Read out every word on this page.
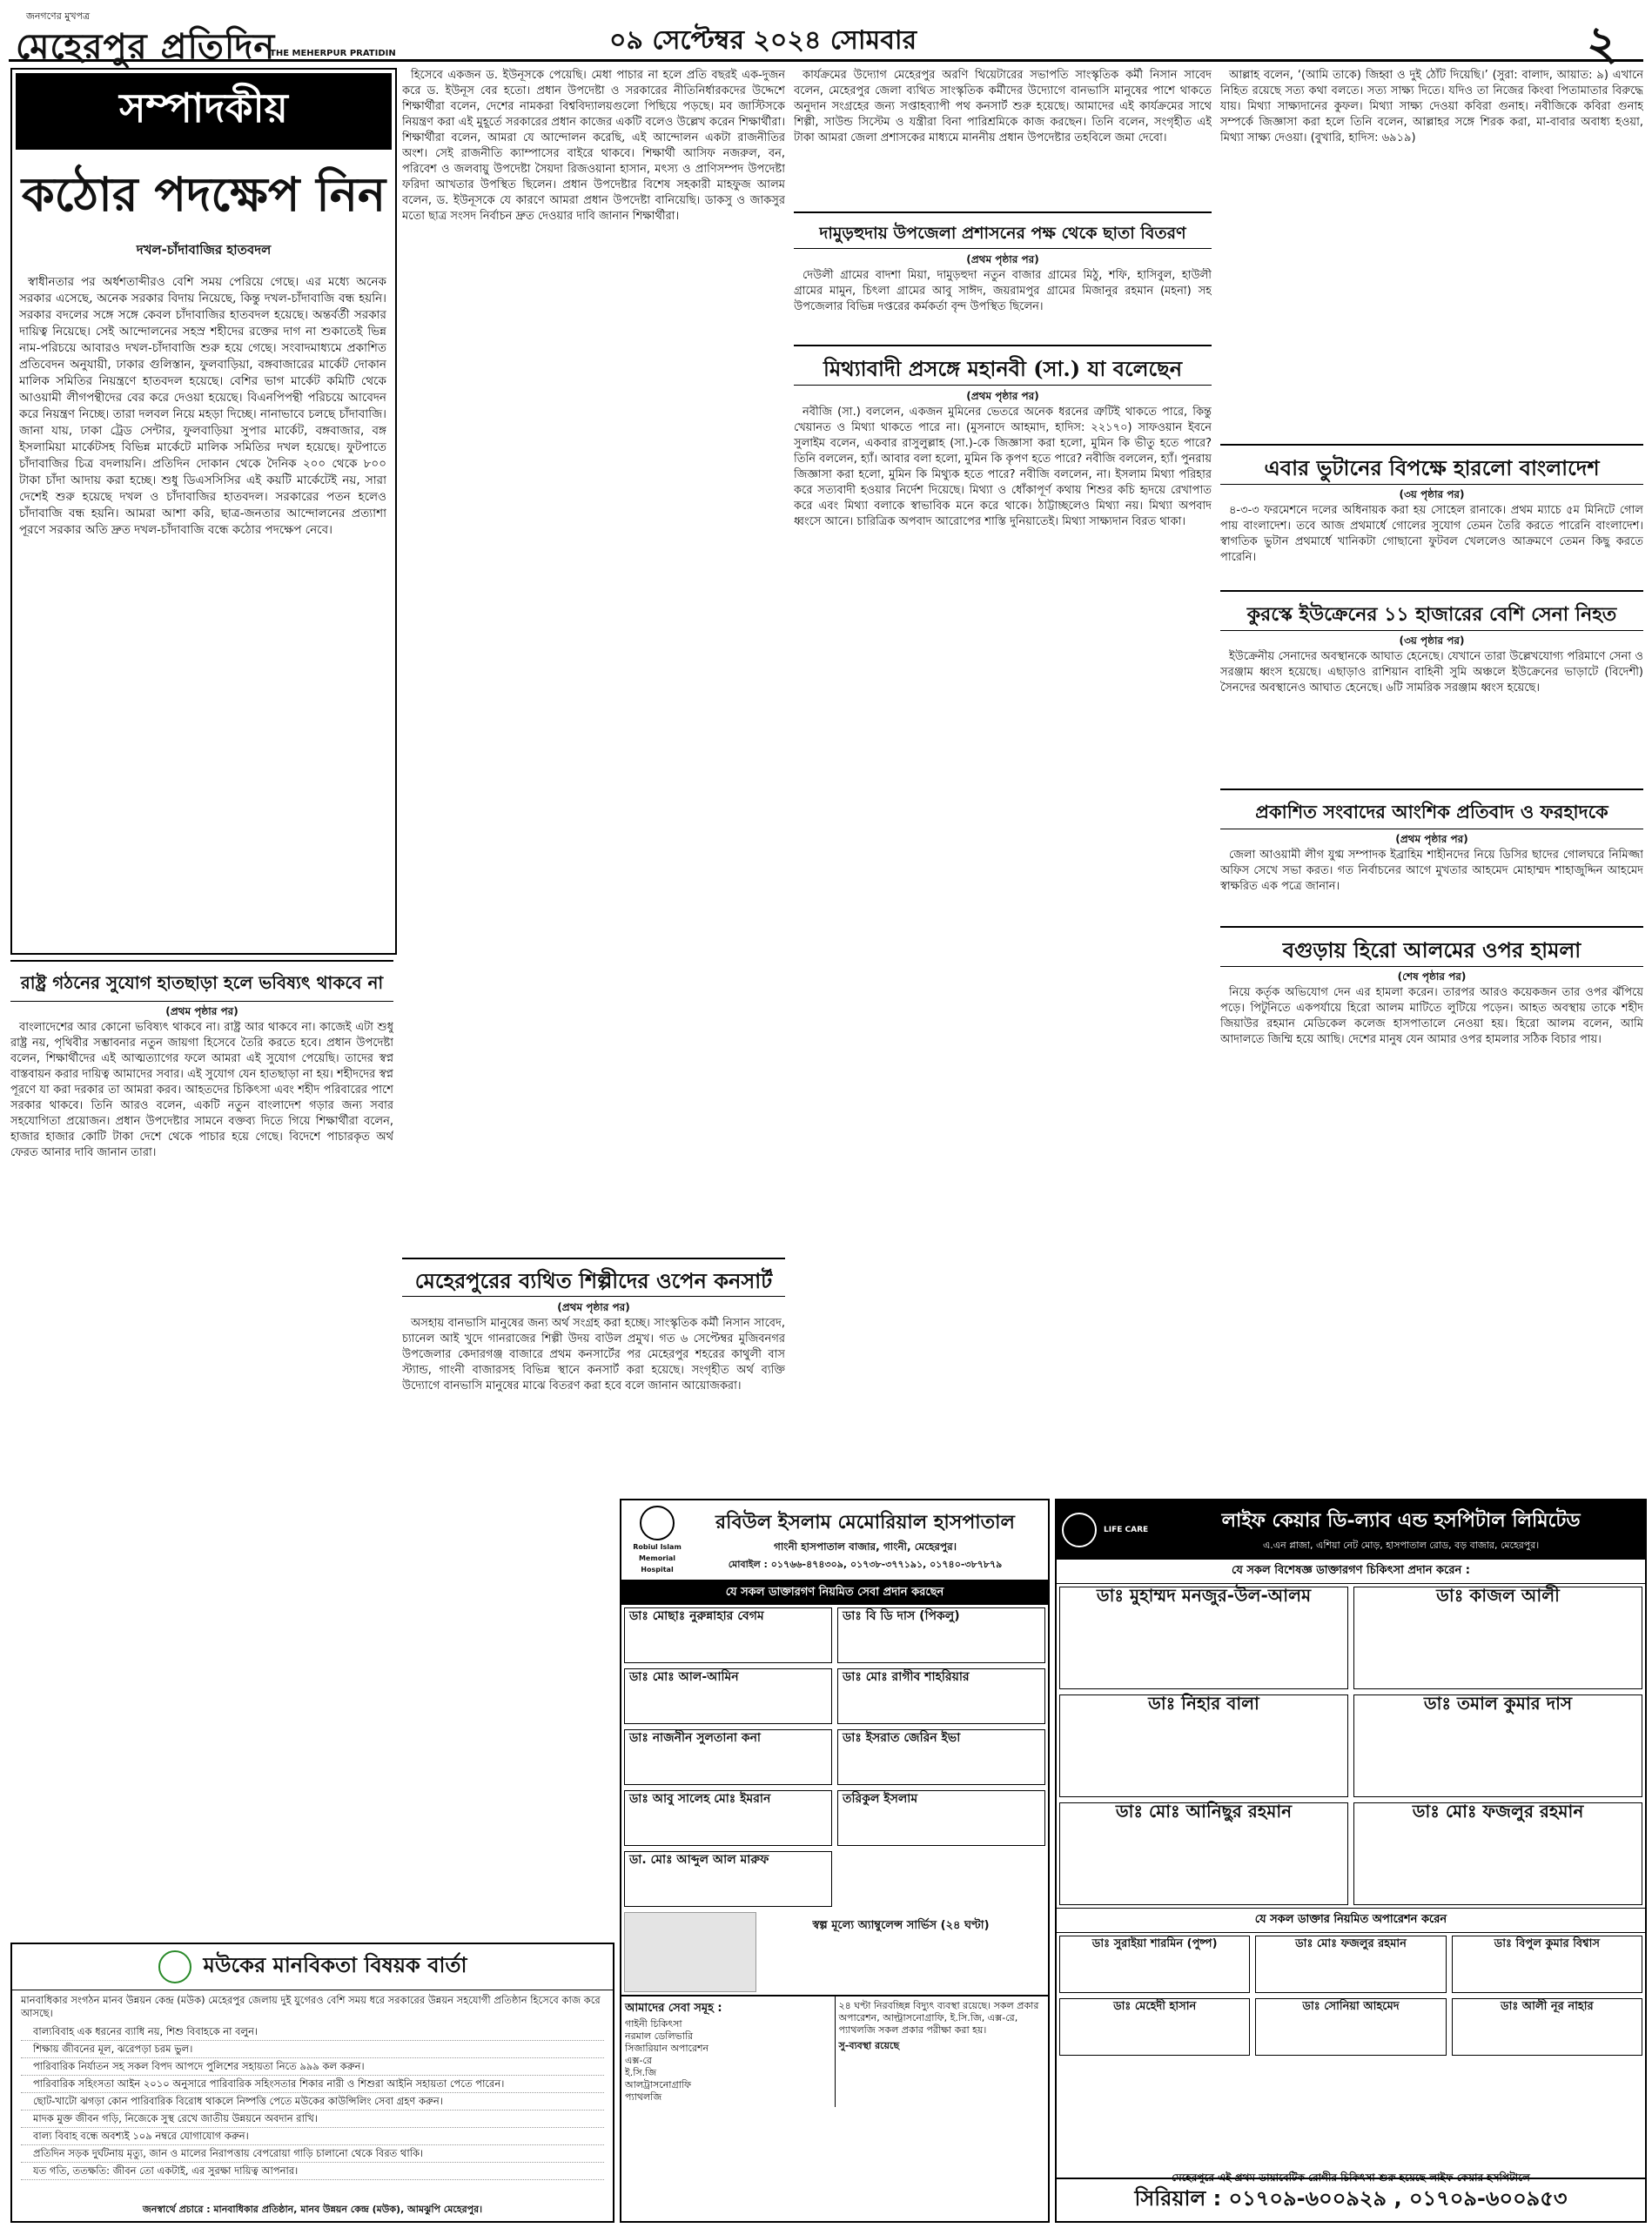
জনগণের মুখপত্র
মেহেরপুর প্রতিদিন
THE MEHERPUR PRATIDIN	০৯ সেপ্টেম্বর ২০২৪ সোমবার	২
সম্পাদকীয়
কঠোর পদক্ষেপ নিন
দখল-চাঁদাবাজির হাতবদল

স্বাধীনতার পর অর্ধশতাব্দীরও বেশি সময় পেরিয়ে গেছে। এর মধ্যে অনেক সরকার এসেছে, অনেক সরকার বিদায় নিয়েছে, কিন্তু দখল-চাঁদাবাজি বন্ধ হয়নি। সরকার বদলের সঙ্গে সঙ্গে কেবল চাঁদাবাজির হাতবদল হয়েছে। অন্তর্বর্তী সরকার দায়িত্ব নিয়েছে। সেই আন্দোলনের সহস্র শহীদের রক্তের দাগ না শুকাতেই ভিন্ন নাম-পরিচয়ে আবারও দখল-চাঁদাবাজি শুরু হয়ে গেছে। সংবাদমাধ্যমে প্রকাশিত প্রতিবেদন অনুযায়ী, ঢাকার গুলিস্তান, ফুলবাড়িয়া, বঙ্গবাজারের মার্কেট দোকান মালিক সমিতির নিয়ন্ত্রণে হাতবদল হয়েছে। বেশির ভাগ মার্কেট কমিটি থেকে আওয়ামী লীগপন্থীদের বের করে দেওয়া হয়েছে। বিএনপিপন্থী পরিচয়ে আবেদন করে নিয়ন্ত্রণ নিচ্ছে। তারা দলবল নিয়ে মহড়া দিচ্ছে। নানাভাবে চলছে চাঁদাবাজি। জানা যায়, ঢাকা ট্রেড সেন্টার, ফুলবাড়িয়া সুপার মার্কেট, বঙ্গবাজার, বঙ্গ ইসলামিয়া মার্কেটসহ বিভিন্ন মার্কেটে মালিক সমিতির দখল হয়েছে। ফুটপাতে চাঁদাবাজির চিত্র বদলায়নি। প্রতিদিন দোকান থেকে দৈনিক ২০০ থেকে ৮০০ টাকা চাঁদা আদায় করা হচ্ছে। শুধু ডিএসসিসির এই কয়টি মার্কেটেই নয়, সারা দেশেই শুরু হয়েছে দখল ও চাঁদাবাজির হাতবদল। সরকারের পতন হলেও চাঁদাবাজি বন্ধ হয়নি। আমরা আশা করি, ছাত্র-জনতার আন্দোলনের প্রত্যাশা পূরণে সরকার অতি দ্রুত দখল-চাঁদাবাজি বন্ধে কঠোর পদক্ষেপ নেবে।

রাষ্ট্র গঠনের সুযোগ হাতছাড়া হলে ভবিষ্যৎ থাকবে না
(প্রথম পৃষ্ঠার পর)

বাংলাদেশের আর কোনো ভবিষ্যৎ থাকবে না। রাষ্ট্র আর থাকবে না। কাজেই এটা শুধু রাষ্ট্র নয়, পৃথিবীর সম্ভাবনার নতুন জায়গা হিসেবে তৈরি করতে হবে। প্রধান উপদেষ্টা বলেন, শিক্ষার্থীদের এই আত্মত্যাগের ফলে আমরা এই সুযোগ পেয়েছি। তাদের স্বপ্ন বাস্তবায়ন করার দায়িত্ব আমাদের সবার। এই সুযোগ যেন হাতছাড়া না হয়। শহীদদের স্বপ্ন পূরণে যা করা দরকার তা আমরা করব। আহতদের চিকিৎসা এবং শহীদ পরিবারের পাশে সরকার থাকবে। তিনি আরও বলেন, একটি নতুন বাংলাদেশ গড়ার জন্য সবার সহযোগিতা প্রয়োজন। প্রধান উপদেষ্টার সামনে বক্তব্য দিতে গিয়ে শিক্ষার্থীরা বলেন, হাজার হাজার কোটি টাকা দেশে থেকে পাচার হয়ে গেছে। বিদেশে পাচারকৃত অর্থ ফেরত আনার দাবি জানান তারা।

হিসেবে একজন ড. ইউনূসকে পেয়েছি। মেধা পাচার না হলে প্রতি বছরই এক-দুজন করে ড. ইউনূস বের হতো। প্রধান উপদেষ্টা ও সরকারের নীতিনির্ধারকদের উদ্দেশে শিক্ষার্থীরা বলেন, দেশের নামকরা বিশ্ববিদ্যালয়গুলো পিছিয়ে পড়ছে। মব জাস্টিসকে নিয়ন্ত্রণ করা এই মুহূর্তে সরকারের প্রধান কাজের একটি বলেও উল্লেখ করেন শিক্ষার্থীরা। শিক্ষার্থীরা বলেন, আমরা যে আন্দোলন করেছি, এই আন্দোলন একটা রাজনীতির অংশ। সেই রাজনীতি ক্যাম্পাসের বাইরে থাকবে। শিক্ষার্থী আসিফ নজরুল, বন, পরিবেশ ও জলবায়ু উপদেষ্টা সৈয়দা রিজওয়ানা হাসান, মৎস্য ও প্রাণিসম্পদ উপদেষ্টা ফরিদা আখতার উপস্থিত ছিলেন। প্রধান উপদেষ্টার বিশেষ সহকারী মাহফুজ আলম বলেন, ড. ইউনূসকে যে কারণে আমরা প্রধান উপদেষ্টা বানিয়েছি। ডাকসু ও জাকসুর মতো ছাত্র সংসদ নির্বাচন দ্রুত দেওয়ার দাবি জানান শিক্ষার্থীরা।

মেহেরপুরের ব্যথিত শিল্পীদের ওপেন কনসার্ট
(প্রথম পৃষ্ঠার পর)

অসহায় বানভাসি মানুষের জন্য অর্থ সংগ্রহ করা হচ্ছে। সাংস্কৃতিক কর্মী নিসান সাবেদ, চ্যানেল আই খুদে গানরাজের শিল্পী উদয় বাউল প্রমুখ। গত ৬ সেপ্টেম্বর মুজিবনগর উপজেলার কেদারগঞ্জ বাজারে প্রথম কনসার্টের পর মেহেরপুর শহরের কাথুলী বাস স্ট্যান্ড, গাংনী বাজারসহ বিভিন্ন স্থানে কনসার্ট করা হয়েছে। সংগৃহীত অর্থ ব্যক্তি উদ্যোগে বানভাসি মানুষের মাঝে বিতরণ করা হবে বলে জানান আয়োজকরা।

কার্যক্রমের উদ্যোগ মেহেরপুর অরণি থিয়েটারের সভাপতি সাংস্কৃতিক কর্মী নিসান সাবেদ বলেন, মেহেরপুর জেলা ব্যথিত সাংস্কৃতিক কর্মীদের উদ্যোগে বানভাসি মানুষের পাশে থাকতে অনুদান সংগ্রহের জন্য সপ্তাহব্যাপী পথ কনসার্ট শুরু হয়েছে। আমাদের এই কার্যক্রমের সাথে শিল্পী, সাউন্ড সিস্টেম ও যন্ত্রীরা বিনা পারিশ্রমিকে কাজ করছেন। তিনি বলেন, সংগৃহীত এই টাকা আমরা জেলা প্রশাসকের মাধ্যমে মাননীয় প্রধান উপদেষ্টার তহবিলে জমা দেবো।

দামুড়হুদায় উপজেলা প্রশাসনের পক্ষ থেকে ছাতা বিতরণ
(প্রথম পৃষ্ঠার পর)

দেউলী গ্রামের বাদশা মিয়া, দামুড়হুদা নতুন বাজার গ্রামের মিঠু, শফি, হাসিবুল, হাউলী গ্রামের মামুন, চিৎলা গ্রামের আবু সাঈদ, জয়রামপুর গ্রামের মিজানুর রহমান (মহনা) সহ উপজেলার বিভিন্ন দপ্তরের কর্মকর্তা বৃন্দ উপস্থিত ছিলেন।

মিথ্যাবাদী প্রসঙ্গে মহানবী (সা.) যা বলেছেন
(প্রথম পৃষ্ঠার পর)

নবীজি (সা.) বললেন, একজন মুমিনের ভেতরে অনেক ধরনের ত্রুটিই থাকতে পারে, কিন্তু খেয়ানত ও মিথ্যা থাকতে পারে না। (মুসনাদে আহমাদ, হাদিস: ২২১৭০) সাফওয়ান ইবনে সুলাইম বলেন, একবার রাসুলুল্লাহ (সা.)-কে জিজ্ঞাসা করা হলো, মুমিন কি ভীতু হতে পারে? তিনি বললেন, হ্যাঁ। আবার বলা হলো, মুমিন কি কৃপণ হতে পারে? নবীজি বললেন, হ্যাঁ। পুনরায় জিজ্ঞাসা করা হলো, মুমিন কি মিথ্যুক হতে পারে? নবীজি বললেন, না। ইসলাম মিথ্যা পরিহার করে সত্যবাদী হওয়ার নির্দেশ দিয়েছে। মিথ্যা ও ধোঁকাপূর্ণ কথায় শিশুর কচি হৃদয়ে রেখাপাত করে এবং মিথ্যা বলাকে স্বাভাবিক মনে করে থাকে। ঠাট্টাচ্ছলেও মিথ্যা নয়। মিথ্যা অপবাদ ধ্বংসে আনে। চারিত্রিক অপবাদ আরোপের শাস্তি দুনিয়াতেই। মিথ্যা সাক্ষ্যদান বিরত থাকা।

আল্লাহ বলেন, ‘(আমি তাকে) জিহ্বা ও দুই ঠোঁট দিয়েছি।’ (সুরা: বালাদ, আয়াত: ৯) এখানে নিহিত রয়েছে সত্য কথা বলতে। সত্য সাক্ষ্য দিতে। যদিও তা নিজের কিংবা পিতামাতার বিরুদ্ধে যায়। মিথ্যা সাক্ষ্যদানের কুফল। মিথ্যা সাক্ষ্য দেওয়া কবিরা গুনাহ। নবীজিকে কবিরা গুনাহ সম্পর্কে জিজ্ঞাসা করা হলে তিনি বলেন, আল্লাহর সঙ্গে শিরক করা, মা-বাবার অবাধ্য হওয়া, মিথ্যা সাক্ষ্য দেওয়া। (বুখারি, হাদিস: ৬৯১৯)

এবার ভুটানের বিপক্ষে হারলো বাংলাদেশ
(৩য় পৃষ্ঠার পর)

৪-৩-৩ ফরমেশনে দলের অধিনায়ক করা হয় সোহেল রানাকে। প্রথম ম্যাচে ৫ম মিনিটে গোল পায় বাংলাদেশ। তবে আজ প্রথমার্ধে গোলের সুযোগ তেমন তৈরি করতে পারেনি বাংলাদেশ। স্বাগতিক ভুটান প্রথমার্ধে খানিকটা গোছানো ফুটবল খেললেও আক্রমণে তেমন কিছু করতে পারেনি।

কুরস্কে ইউক্রেনের ১১ হাজারের বেশি সেনা নিহত
(৩য় পৃষ্ঠার পর)

ইউক্রেনীয় সেনাদের অবস্থানকে আঘাত হেনেছে। যেখানে তারা উল্লেখযোগ্য পরিমাণে সেনা ও সরঞ্জাম ধ্বংস হয়েছে। এছাড়াও রাশিয়ান বাহিনী সুমি অঞ্চলে ইউক্রেনের ভাড়াটে (বিদেশী) সৈনদের অবস্থানেও আঘাত হেনেছে। ৬টি সামরিক সরঞ্জাম ধ্বংস হয়েছে।

প্রকাশিত সংবাদের আংশিক প্রতিবাদ ও ফরহাদকে
(প্রথম পৃষ্ঠার পর)

জেলা আওয়ামী লীগ যুগ্ম সম্পাদক ইব্রাহিম শাহীনদের নিয়ে ডিসির ছাদের গোলঘরে নিমিজ্জা অফিস সেখে সভা করত। গত নির্বাচনের আগে মুখতার আহমেদ মোহাম্মদ শাহাজুদ্দিন আহমেদ স্বাক্ষরিত এক পত্রে জানান।

বগুড়ায় হিরো আলমের ওপর হামলা
(শেষ পৃষ্ঠার পর)

নিয়ে কর্তৃক অভিযোগ দেন এর হামলা করেন। তারপর আরও কয়েকজন তার ওপর ঝঁপিয়ে পড়ে। পিটুনিতে একপর্যায়ে হিরো আলম মাটিতে লুটিয়ে পড়েন। আহত অবস্থায় তাকে শহীদ জিয়াউর রহমান মেডিকেল কলেজ হাসপাতালে নেওয়া হয়। হিরো আলম বলেন, আমি আদালতে জিম্মি হয়ে আছি। দেশের মানুষ যেন আমার ওপর হামলার সঠিক বিচার পায়।

মউকের মানবিকতা বিষয়ক বার্তা
মানবাধিকার সংগঠন মানব উন্নয়ন কেন্দ্র (মউক) মেহেরপুর জেলায় দুই যুগেরও বেশি সময় ধরে সরকারের উন্নয়ন সহযোগী প্রতিষ্ঠান হিসেবে কাজ করে আসছে।
বাল্যবিবাহ এক ধরনের ব্যাধি নয়, শিশু বিবাহকে না বলুন।
শিক্ষায় জীবনের মূল, ঝরেপড়া চরম ভুল।
পারিবারিক নির্যাতন সহ সকল বিপদ আপদে পুলিশের সহায়তা নিতে ৯৯৯ কল করুন।
পারিবারিক সহিংসতা আইন ২০১০ অনুসারে পারিবারিক সহিংসতার শিকার নারী ও শিশুরা আইনি সহায়তা পেতে পারেন।
ছোট-খাটো ঝগড়া কোন পারিবারিক বিরোধ থাকলে নিষ্পত্তি পেতে মউকের কাউন্সিলিং সেবা গ্রহণ করুন।
মাদক মুক্ত জীবন গড়ি, নিজেকে সুস্থ রেখে জাতীয় উন্নয়নে অবদান রাখি।
বাল্য বিবাহ বন্ধে অবশ্যই ১০৯ নম্বরে যোগাযোগ করুন।
প্রতিদিন সড়ক দুর্ঘটনায় মৃত্যু, জান ও মালের নিরাপত্তায় বেপরোয়া গাড়ি চালানো থেকে বিরত থাকি।
যত গতি, ততক্ষতি: জীবন তো একটাই, এর সুরক্ষা দায়িত্ব আপনার।
জনস্বার্থে প্রচারে : মানবাধিকার প্রতিষ্ঠান, মানব উন্নয়ন কেন্দ্র (মউক), আমঝুপি মেহেরপুর।
Robiul Islam Memorial Hospital
রবিউল ইসলাম মেমোরিয়াল হাসপাতাল
গাংনী হাসপাতাল বাজার, গাংনী, মেহেরপুর।
মোবাইল : ০১৭৬৬-৪৭৪৩০৯, ০১৭৩৮-৩৭৭১৯১, ০১৭৪০-৩৮৭৮৭৯
যে সকল ডাক্তারগণ নিয়মিত সেবা প্রদান করছেন
ডাঃ মোছাঃ নুরুন্নাহার বেগম	ডাঃ বি ডি দাস (পিকলু)
ডাঃ মোঃ আল-আমিন	ডাঃ মোঃ রাগীব শাহরিয়ার
ডাঃ নাজনীন সুলতানা কনা	ডাঃ ইসরাত জেরিন ইভা
ডাঃ আবু সালেহ মোঃ ইমরান	তরিকুল ইসলাম
ডা. মোঃ আব্দুল আল মারুফ
স্বল্প মূল্যে অ্যাম্বুলেন্স সার্ভিস (২৪ ঘণ্টা)
আমাদের সেবা সমূহ :
গাইনী চিকিৎসা
নরমাল ডেলিভারি
সিজারিয়ান অপারেশন
এক্স-রে
ই.সি.জি
আলট্রাসনোগ্রাফি
প্যাথলজি
২৪ ঘণ্টা নিরবচ্ছিন্ন বিদ্যুৎ ব্যবস্থা রয়েছে। সকল প্রকার অপারেশন, আল্ট্রাসনোগ্রাফি, ই.সি.জি, এক্স-রে, প্যাথলজি সকল প্রকার পরীক্ষা করা হয়।
সু-ব্যবস্থা রয়েছে
LIFE CARE	লাইফ কেয়ার ডি-ল্যাব এন্ড হসপিটাল লিমিটেড
এ.এন প্লাজা, এশিয়া নেট মোড়, হাসপাতাল রোড, বড় বাজার, মেহেরপুর।
যে সকল বিশেষজ্ঞ ডাক্তারগণ চিকিৎসা প্রদান করেন :
ডাঃ মুহাম্মদ মনজুর-উল-আলম	ডাঃ কাজল আলী
ডাঃ নিহার বালা	ডাঃ তমাল কুমার দাস
ডাঃ মোঃ আনিছুর রহমান	ডাঃ মোঃ ফজলুর রহমান
যে সকল ডাক্তার নিয়মিত অপারেশন করেন
ডাঃ সুরাইয়া শারমিন (পুষ্প)	ডাঃ মোঃ ফজলুর রহমান	ডাঃ বিপুল কুমার বিশ্বাস
ডাঃ মেহেদী হাসান	ডাঃ সোনিয়া আহমেদ	ডাঃ আলী নূর নাহার
মেহেরপুরে এই প্রথম ডায়াবেটিক রোগীর চিকিৎসা শুরু হয়েছে লাইফ কেয়ার হসপিটালে
সিরিয়াল : ০১৭০৯-৬০০৯২৯ , ০১৭০৯-৬০০৯৫৩
